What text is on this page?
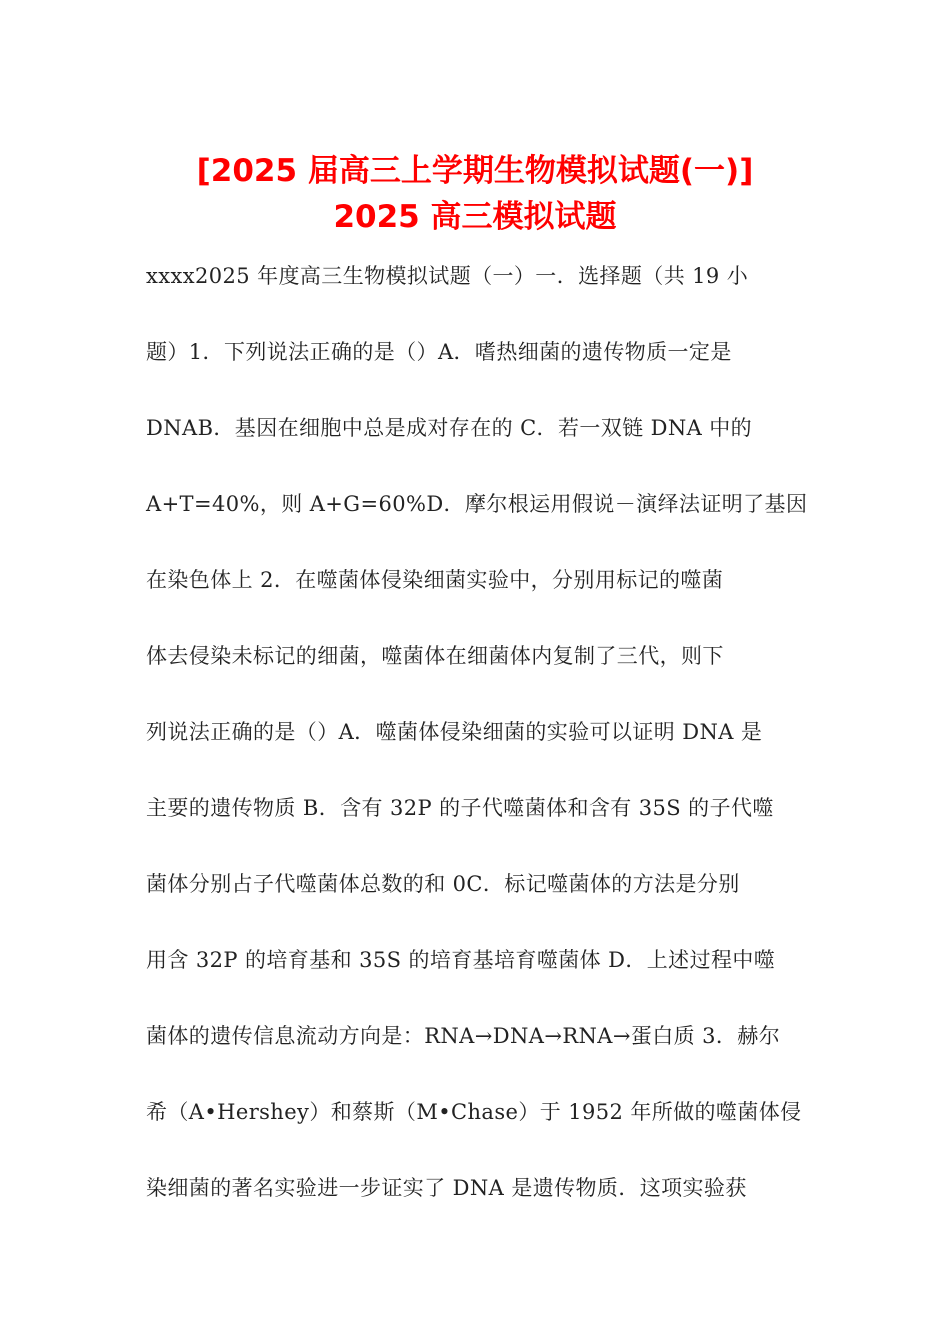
[2025 届高三上学期生物模拟试题(一)]
2025 高三模拟试题
xxxx2025 年度高三生物模拟试题（一）一．选择题（共 19 小
题）1．下列说法正确的是（）A．嗜热细菌的遗传物质一定是
DNAB．基因在细胞中总是成对存在的 C．若一双链 DNA 中的
A+T=40%，则 A+G=60%D．摩尔根运用假说－演绎法证明了基因
在染色体上 2．在噬菌体侵染细菌实验中，分别用标记的噬菌
体去侵染未标记的细菌，噬菌体在细菌体内复制了三代，则下
列说法正确的是（）A．噬菌体侵染细菌的实验可以证明 DNA 是
主要的遗传物质 B．含有 32P 的子代噬菌体和含有 35S 的子代噬
菌体分别占子代噬菌体总数的和 0C．标记噬菌体的方法是分别
用含 32P 的培育基和 35S 的培育基培育噬菌体 D．上述过程中噬
菌体的遗传信息流动方向是：RNA→DNA→RNA→蛋白质 3．赫尔
希（A•Hershey）和蔡斯（M•Chase）于 1952 年所做的噬菌体侵
染细菌的著名实验进一步证实了 DNA 是遗传物质．这项实验获
